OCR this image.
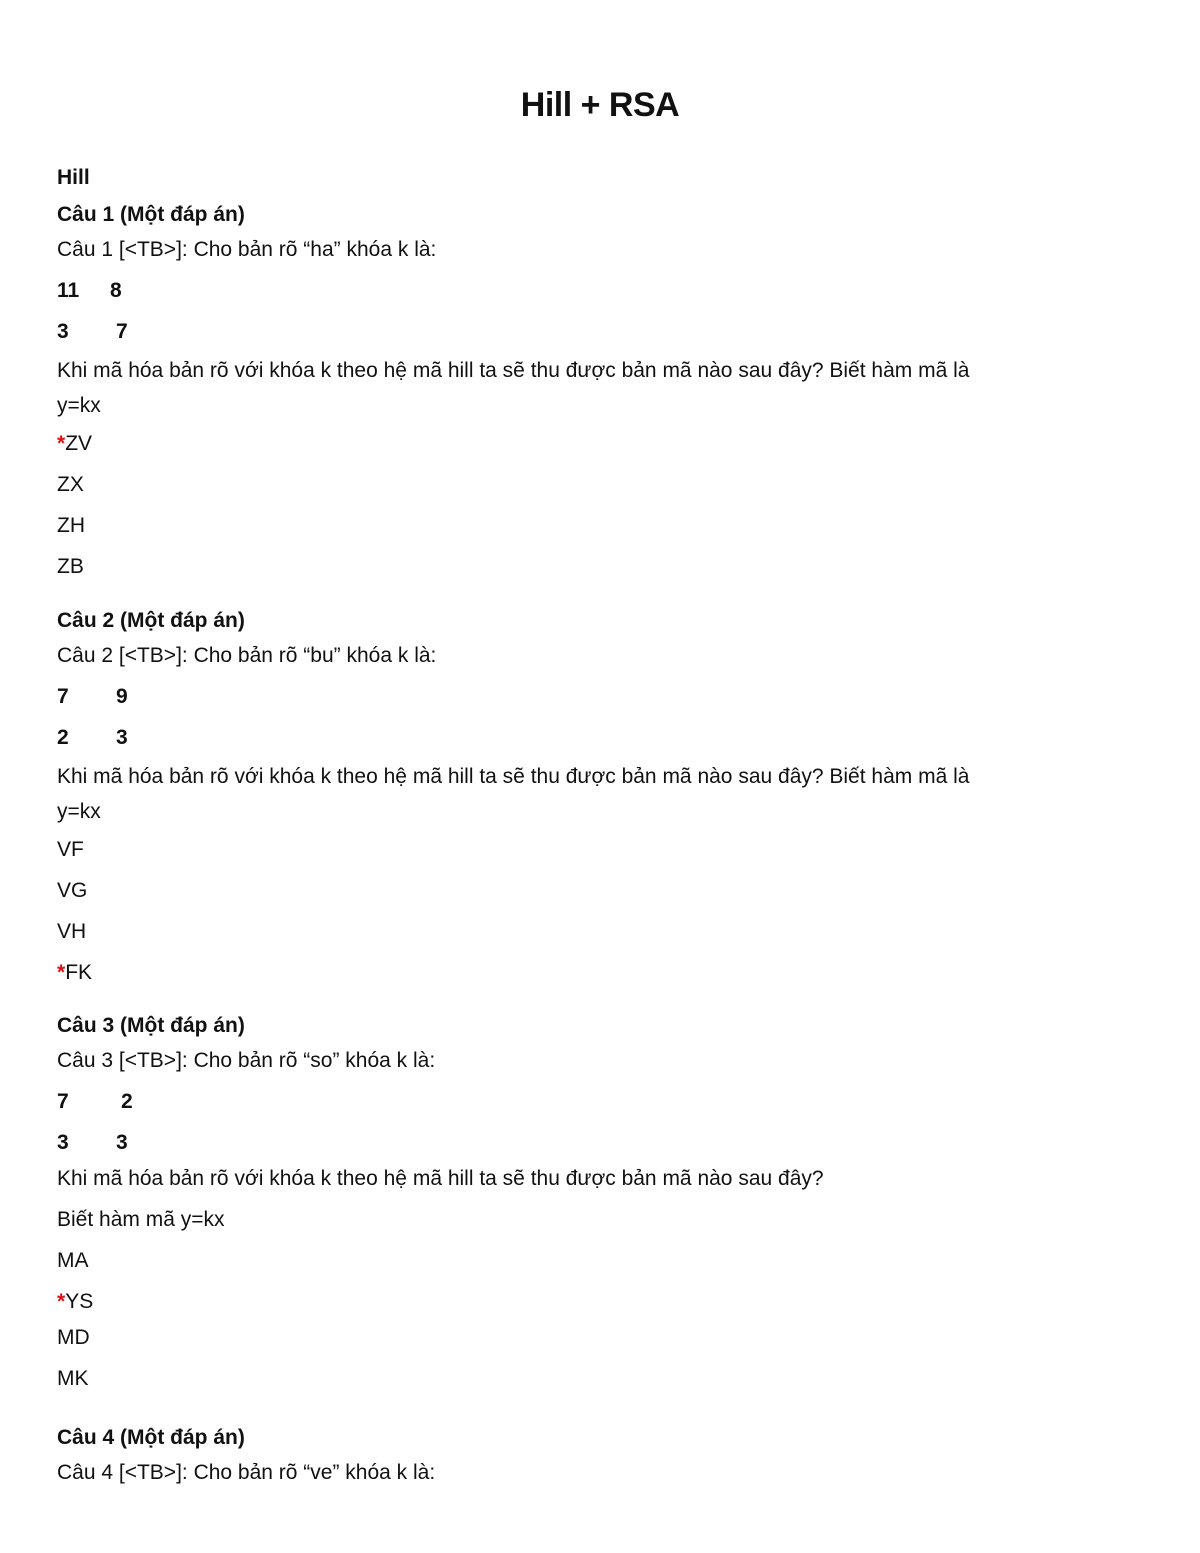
Hill + RSA
Hill
Câu 1 (Một đáp án)
Câu 1 [<TB>]: Cho bản rõ “ha” khóa k là:
11	8
3	7
Khi mã hóa bản rõ với khóa k theo hệ mã hill ta sẽ thu được bản mã nào sau đây? Biết hàm mã là
y=kx
*ZV
ZX
ZH
ZB
Câu 2 (Một đáp án)
Câu 2 [<TB>]: Cho bản rõ “bu” khóa k là:
7	9
2	3
Khi mã hóa bản rõ với khóa k theo hệ mã hill ta sẽ thu được bản mã nào sau đây? Biết hàm mã là
y=kx
VF
VG
VH
*FK
Câu 3 (Một đáp án)
Câu 3 [<TB>]: Cho bản rõ “so” khóa k là:
7	2
3	3
Khi mã hóa bản rõ với khóa k theo hệ mã hill ta sẽ thu được bản mã nào sau đây?
Biết hàm mã y=kx
MA
*YS
MD
MK
Câu 4 (Một đáp án)
Câu 4 [<TB>]: Cho bản rõ “ve” khóa k là:
